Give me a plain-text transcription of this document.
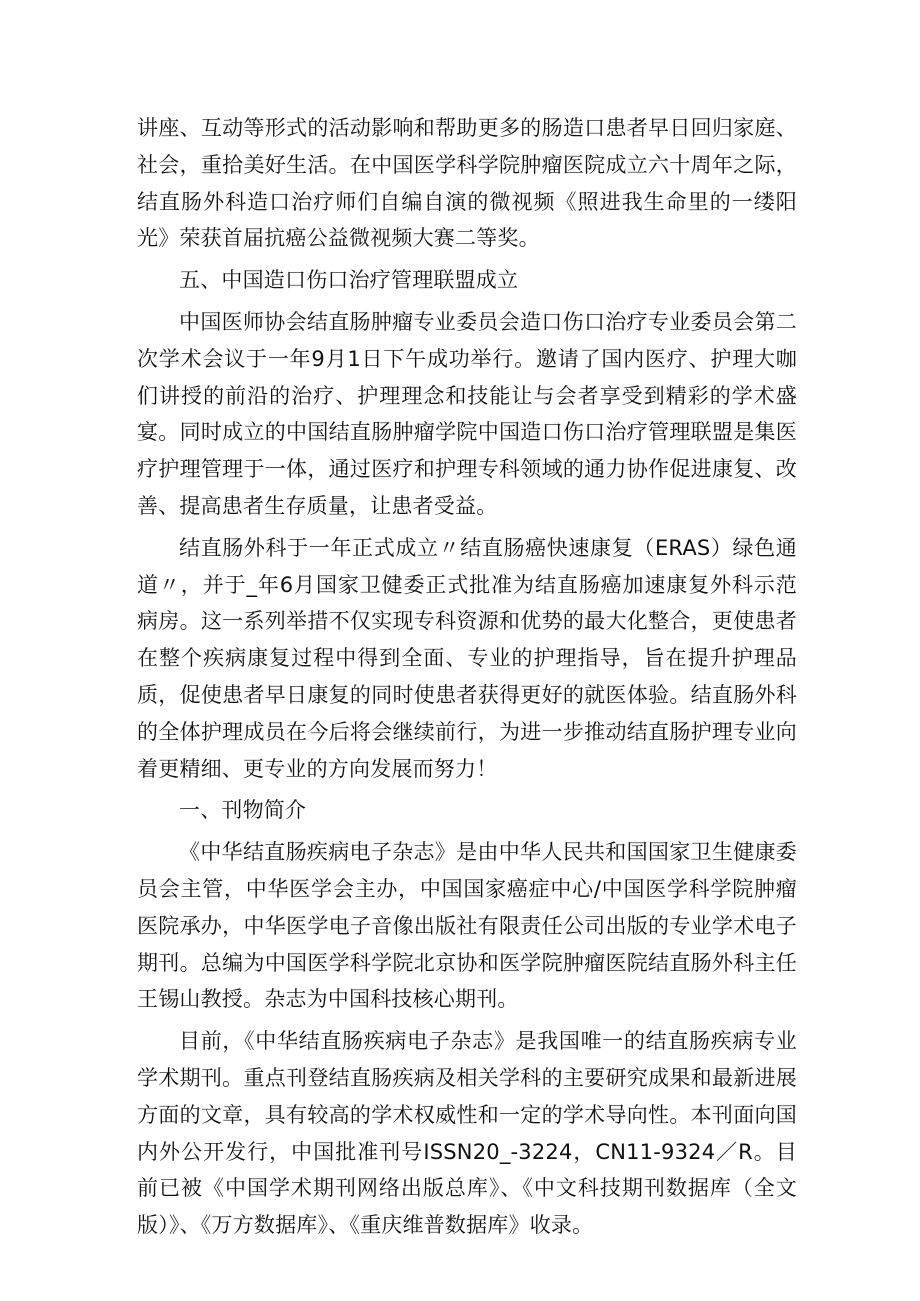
讲座、互动等形式的活动影响和帮助更多的肠造口患者早日回归家庭、社会，重拾美好生活。在中国医学科学院肿瘤医院成立六十周年之际，结直肠外科造口治疗师们自编自演的微视频《照进我生命里的一缕阳光》荣获首届抗癌公益微视频大赛二等奖。

五、中国造口伤口治疗管理联盟成立

中国医师协会结直肠肿瘤专业委员会造口伤口治疗专业委员会第二次学术会议于一年9月1日下午成功举行。邀请了国内医疗、护理大咖们讲授的前沿的治疗、护理理念和技能让与会者享受到精彩的学术盛宴。同时成立的中国结直肠肿瘤学院中国造口伤口治疗管理联盟是集医疗护理管理于一体，通过医疗和护理专科领域的通力协作促进康复、改善、提高患者生存质量，让患者受益。

结直肠外科于一年正式成立〃结直肠癌快速康复（ERAS）绿色通道〃，并于_年6月国家卫健委正式批准为结直肠癌加速康复外科示范病房。这一系列举措不仅实现专科资源和优势的最大化整合，更使患者在整个疾病康复过程中得到全面、专业的护理指导，旨在提升护理品质，促使患者早日康复的同时使患者获得更好的就医体验。结直肠外科的全体护理成员在今后将会继续前行，为进一步推动结直肠护理专业向着更精细、更专业的方向发展而努力！

一、刊物简介

《中华结直肠疾病电子杂志》是由中华人民共和国国家卫生健康委员会主管，中华医学会主办，中国国家癌症中心/中国医学科学院肿瘤医院承办，中华医学电子音像出版社有限责任公司出版的专业学术电子期刊。总编为中国医学科学院北京协和医学院肿瘤医院结直肠外科主任王锡山教授。杂志为中国科技核心期刊。

目前，《中华结直肠疾病电子杂志》是我国唯一的结直肠疾病专业学术期刊。重点刊登结直肠疾病及相关学科的主要研究成果和最新进展方面的文章，具有较高的学术权威性和一定的学术导向性。本刊面向国内外公开发行，中国批准刊号ISSN20_-3224，CN11-9324／R。目前已被《中国学术期刊网络出版总库》、《中文科技期刊数据库（全文版）》、《万方数据库》、《重庆维普数据库》收录。
